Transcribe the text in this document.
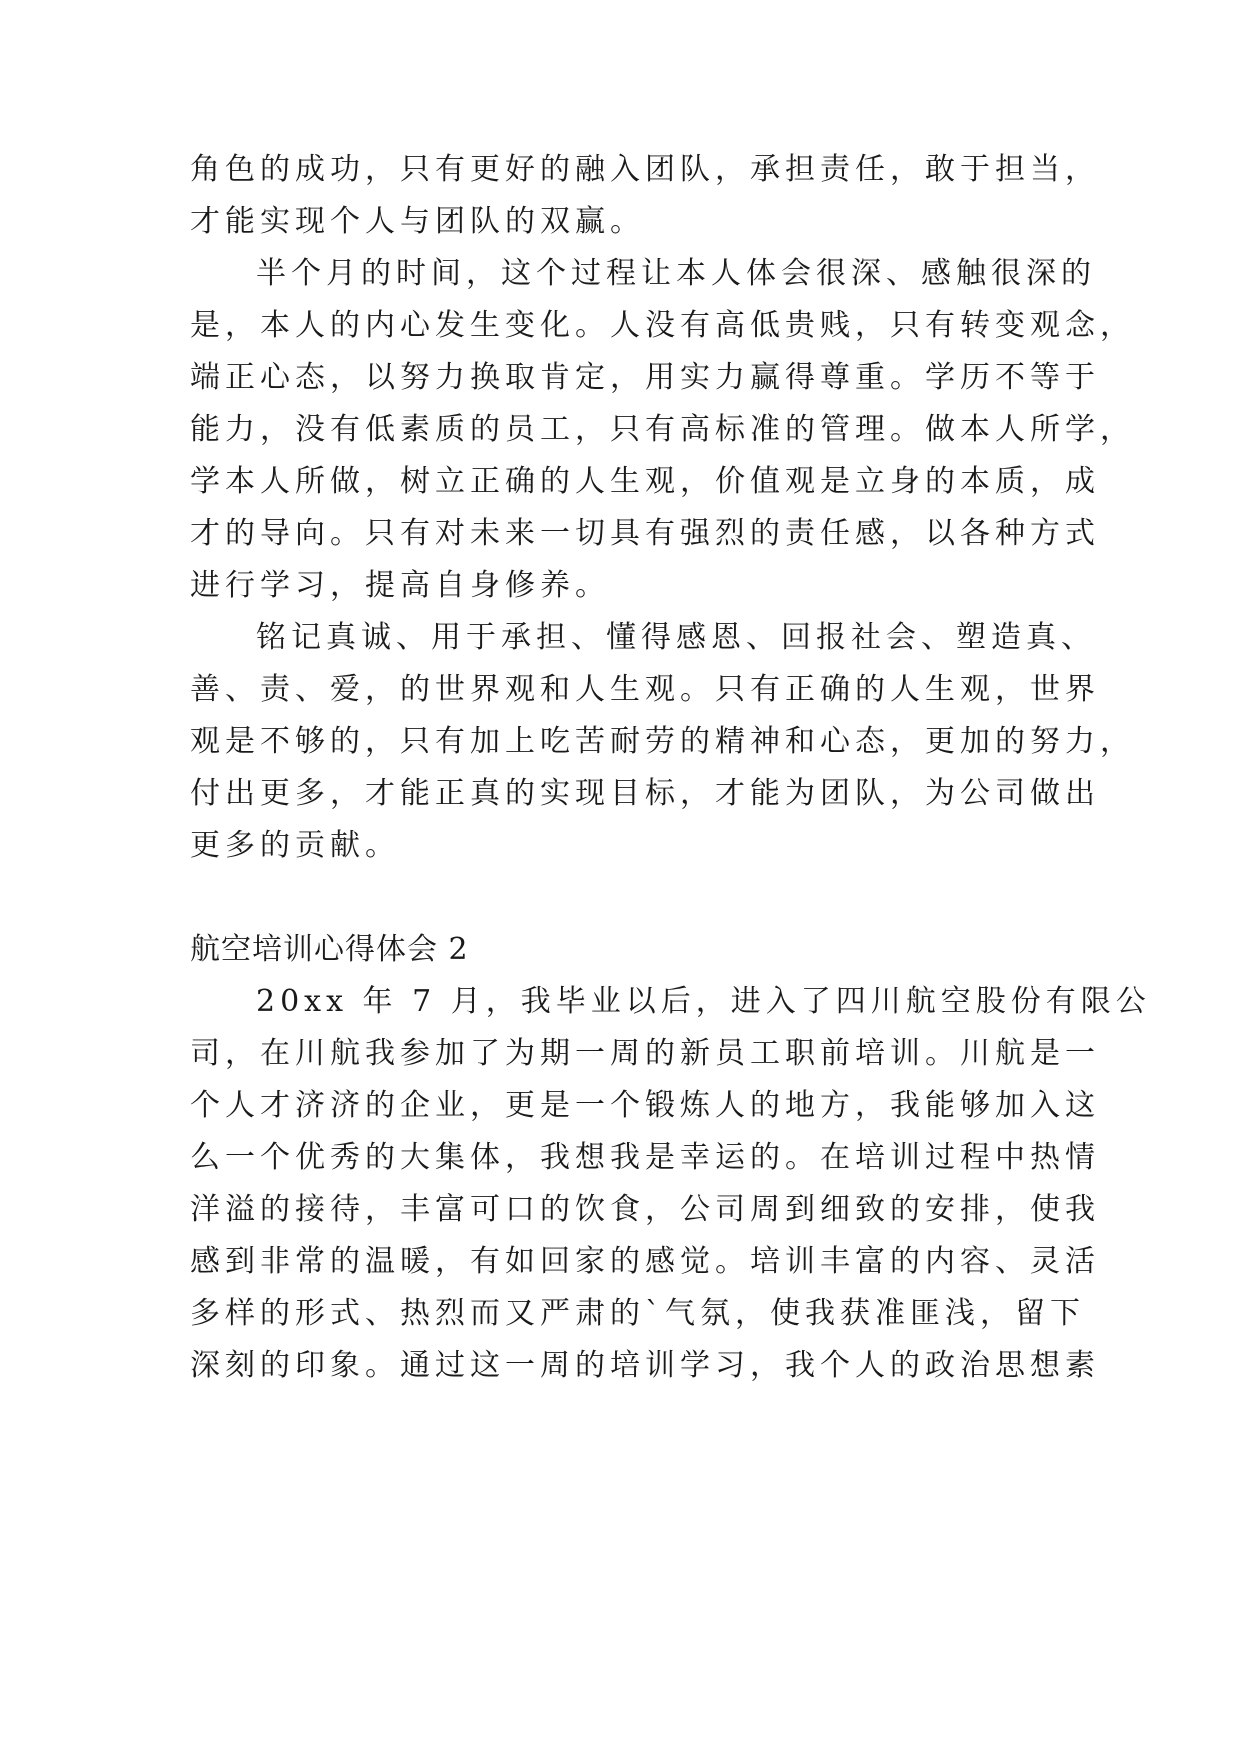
角色的成功，只有更好的融入团队，承担责任，敢于担当，
才能实现个人与团队的双赢。
半个月的时间，这个过程让本人体会很深、感触很深的
是，本人的内心发生变化。人没有高低贵贱，只有转变观念，
端正心态，以努力换取肯定，用实力赢得尊重。学历不等于
能力，没有低素质的员工，只有高标准的管理。做本人所学，
学本人所做，树立正确的人生观，价值观是立身的本质，成
才的导向。只有对未来一切具有强烈的责任感，以各种方式
进行学习，提高自身修养。
铭记真诚、用于承担、懂得感恩、回报社会、塑造真、
善、责、爱，的世界观和人生观。只有正确的人生观，世界
观是不够的，只有加上吃苦耐劳的精神和心态，更加的努力，
付出更多，才能正真的实现目标，才能为团队，为公司做出
更多的贡献。
航空培训心得体会 2
20xx 年 7 月，我毕业以后，进入了四川航空股份有限公
司，在川航我参加了为期一周的新员工职前培训。川航是一
个人才济济的企业，更是一个锻炼人的地方，我能够加入这
么一个优秀的大集体，我想我是幸运的。在培训过程中热情
洋溢的接待，丰富可口的饮食，公司周到细致的安排，使我
感到非常的温暖，有如回家的感觉。培训丰富的内容、灵活
多样的形式、热烈而又严肃的`气氛，使我获准匪浅，留下
深刻的印象。通过这一周的培训学习，我个人的政治思想素
